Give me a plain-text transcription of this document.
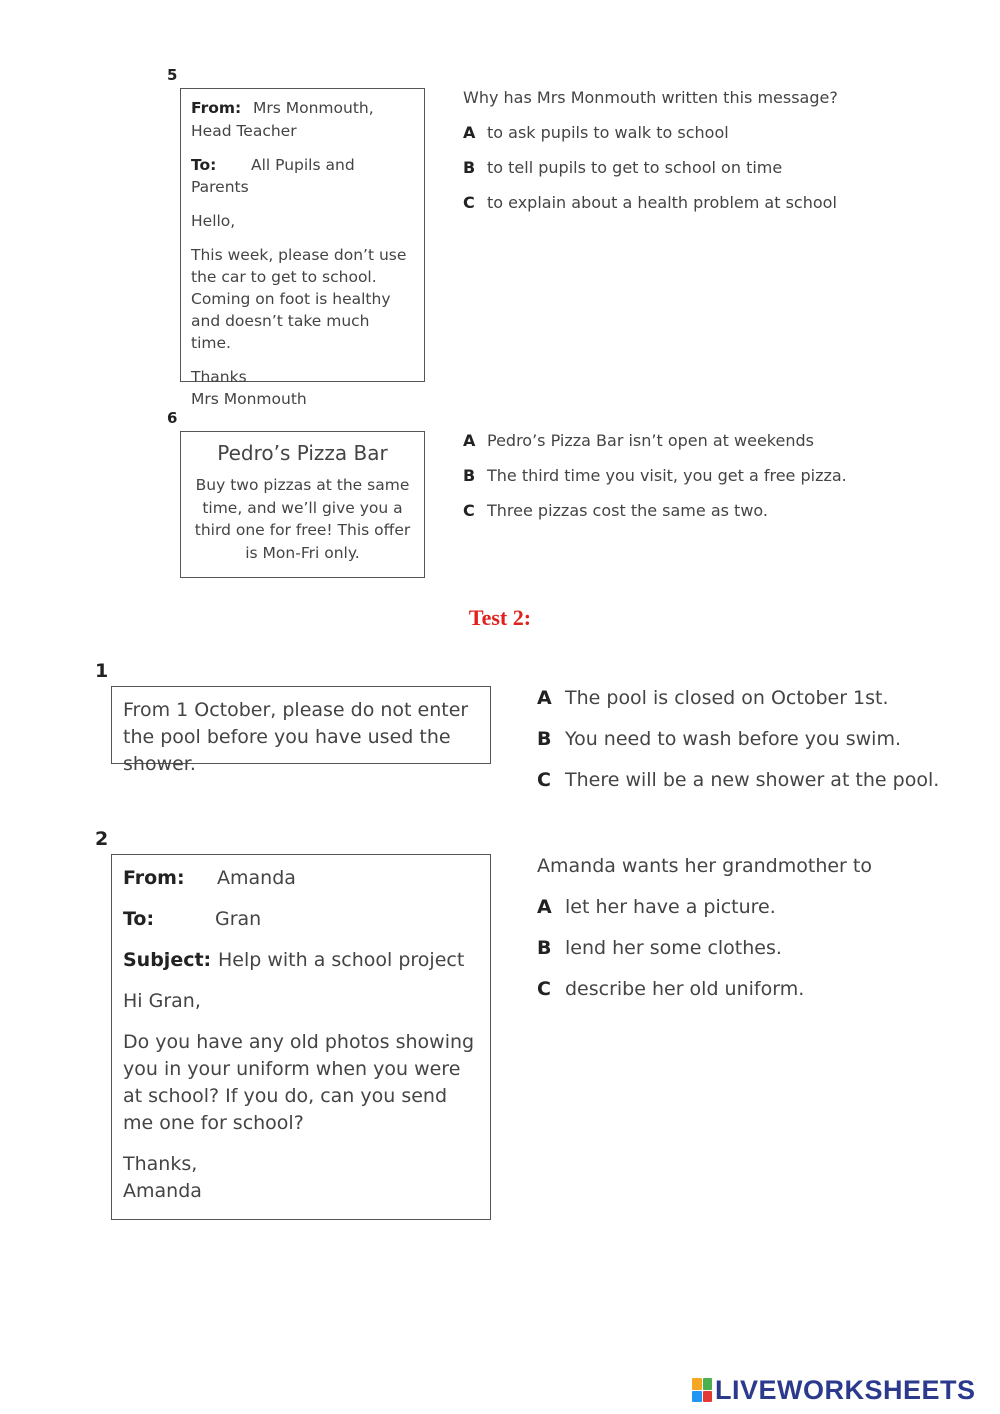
5

From: Mrs Monmouth,

Head Teacher

To: All Pupils and Parents

Hello,

This week, please don’t use the car to get to school. Coming on foot is healthy and doesn’t take much time.

Thanks

Mrs Monmouth

Why has Mrs Monmouth written this message?
A to ask pupils to walk to school
B to tell pupils to get to school on time
C to explain about a health problem at school
6

Pedro’s Pizza Bar

Buy two pizzas at the same time, and we’ll give you a third one for free! This offer is Mon-Fri only.

A Pedro’s Pizza Bar isn’t open at weekends
B The third time you visit, you get a free pizza.
C Three pizzas cost the same as two.
Test 2:
1

From 1 October, please do not enter the pool before you have used the shower.

A The pool is closed on October 1st.
B You need to wash before you swim.
C There will be a new shower at the pool.
2

From: Amanda

To:	Gran

Subject: Help with a school project

Hi Gran,

Do you have any old photos showing you in your uniform when you were at school? If you do, can you send me one for school?

Thanks,

Amanda

Amanda wants her grandmother to
A let her have a picture.
B lend her some clothes.
C describe her old uniform.
LIVEWORKSHEETS
